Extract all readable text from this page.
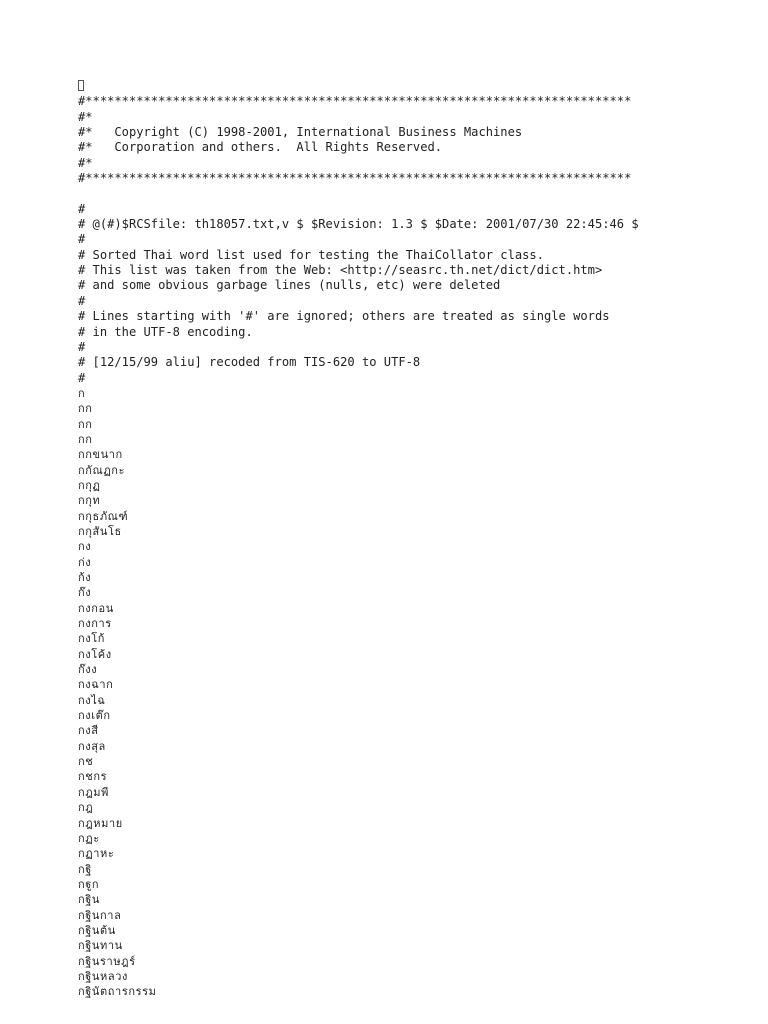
#***************************************************************************
#*
#*   Copyright (C) 1998-2001, International Business Machines
#*   Corporation and others.  All Rights Reserved.
#*
#***************************************************************************
#
# @(#)$RCSfile: th18057.txt,v $ $Revision: 1.3 $ $Date: 2001/07/30 22:45:46 $
#
# Sorted Thai word list used for testing the ThaiCollator class.
# This list was taken from the Web: <http://seasrc.th.net/dict/dict.htm>
# and some obvious garbage lines (nulls, etc) were deleted
#
# Lines starting with '#' are ignored; others are treated as single words
# in the UTF-8 encoding.
#
# [12/15/99 aliu] recoded from TIS-620 to UTF-8
#
ก
กก
กก
กก
กกขนาก
กกัณฏกะ
กกุฏ
กกุท
กกุธภัณฑ์
กกุสันโธ
กง
ก่ง
ก้ง
ก๊ง
กงกอน
กงการ
กงโก้
กงโค้ง
ก๊งง
กงฉาก
กงไฉ
กงเต๊ก
กงสี
กงสุล
กช
กชกร
กฎมพี
กฎ
กฎหมาย
กฏะ
กฏาหะ
กฐิ
กฐูก
กฐิน
กฐินกาล
กฐินต้น
กฐินทาน
กฐินราษฎร์
กฐินหลวง
กฐินัตถารกรรม
